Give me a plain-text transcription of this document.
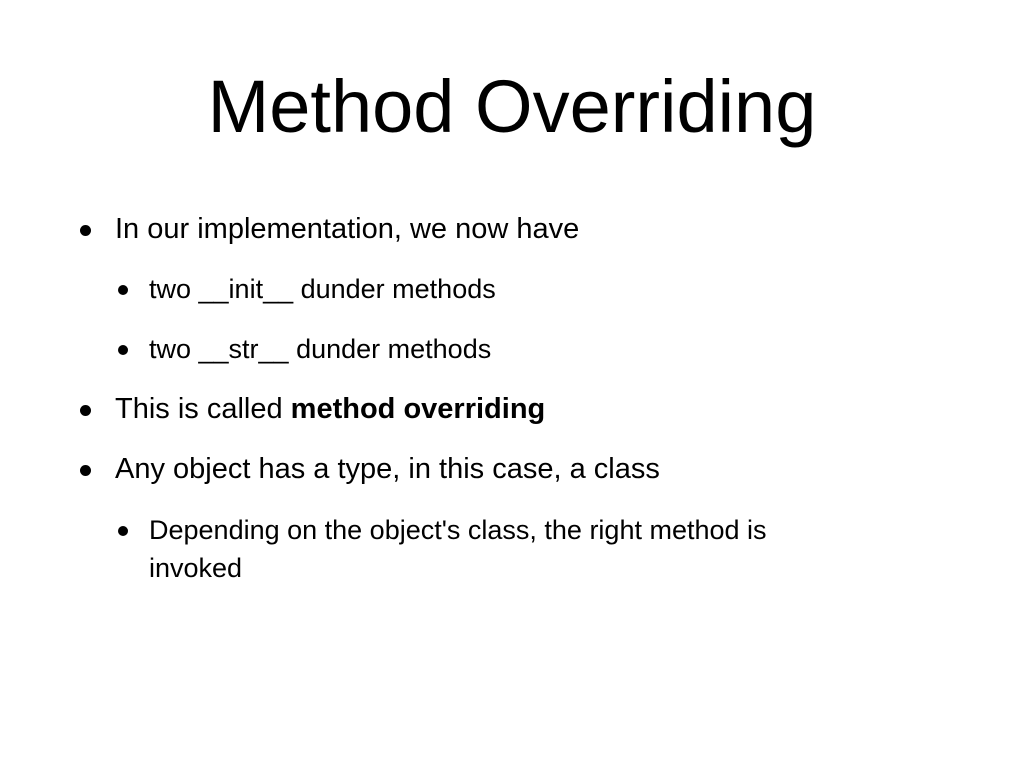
Method Overriding
In our implementation, we now have
two __init__ dunder methods
two __str__ dunder methods
This is called method overriding
Any object has a type, in this case, a class
Depending on the object's class, the right method is
invoked
